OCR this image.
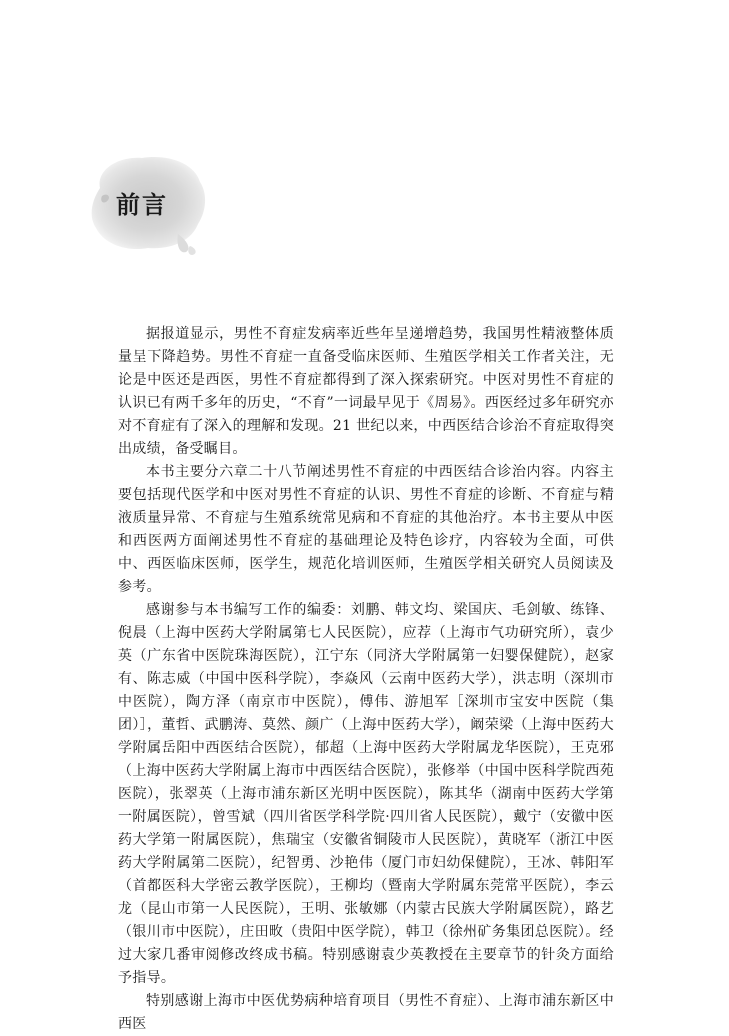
前言

据报道显示，男性不育症发病率近些年呈递增趋势，我国男性精液整体质量呈下降趋势。男性不育症一直备受临床医师、生殖医学相关工作者关注，无论是中医还是西医，男性不育症都得到了深入探索研究。中医对男性不育症的认识已有两千多年的历史，“不育”一词最早见于《周易》。西医经过多年研究亦对不育症有了深入的理解和发现。21 世纪以来，中西医结合诊治不育症取得突出成绩，备受瞩目。

本书主要分六章二十八节阐述男性不育症的中西医结合诊治内容。内容主要包括现代医学和中医对男性不育症的认识、男性不育症的诊断、不育症与精液质量异常、不育症与生殖系统常见病和不育症的其他治疗。本书主要从中医和西医两方面阐述男性不育症的基础理论及特色诊疗，内容较为全面，可供中、西医临床医师，医学生，规范化培训医师，生殖医学相关研究人员阅读及参考。

感谢参与本书编写工作的编委：刘鹏、韩文均、梁国庆、毛剑敏、练锋、倪晨（上海中医药大学附属第七人民医院），应荐（上海市气功研究所），袁少英（广东省中医院珠海医院），江宁东（同济大学附属第一妇婴保健院），赵家有、陈志威（中国中医科学院），李焱风（云南中医药大学），洪志明（深圳市中医院），陶方泽（南京市中医院），傅伟、游旭军［深圳市宝安中医院（集团）］，董哲、武鹏涛、莫然、颜广（上海中医药大学），阚荣梁（上海中医药大学附属岳阳中西医结合医院），郁超（上海中医药大学附属龙华医院），王克邪（上海中医药大学附属上海市中西医结合医院），张修举（中国中医科学院西苑医院），张翠英（上海市浦东新区光明中医医院），陈其华（湖南中医药大学第一附属医院），曾雪斌（四川省医学科学院·四川省人民医院），戴宁（安徽中医药大学第一附属医院），焦瑞宝（安徽省铜陵市人民医院），黄晓军（浙江中医药大学附属第二医院），纪智勇、沙艳伟（厦门市妇幼保健院），王冰、韩阳军（首都医科大学密云教学医院），王柳均（暨南大学附属东莞常平医院），李云龙（昆山市第一人民医院），王明、张敏娜（内蒙古民族大学附属医院），路艺（银川市中医院），庄田畋（贵阳中医学院），韩卫（徐州矿务集团总医院）。经过大家几番审阅修改终成书稿。特别感谢袁少英教授在主要章节的针灸方面给予指导。

特别感谢上海市中医优势病种培育项目（男性不育症）、上海市浦东新区中西医
